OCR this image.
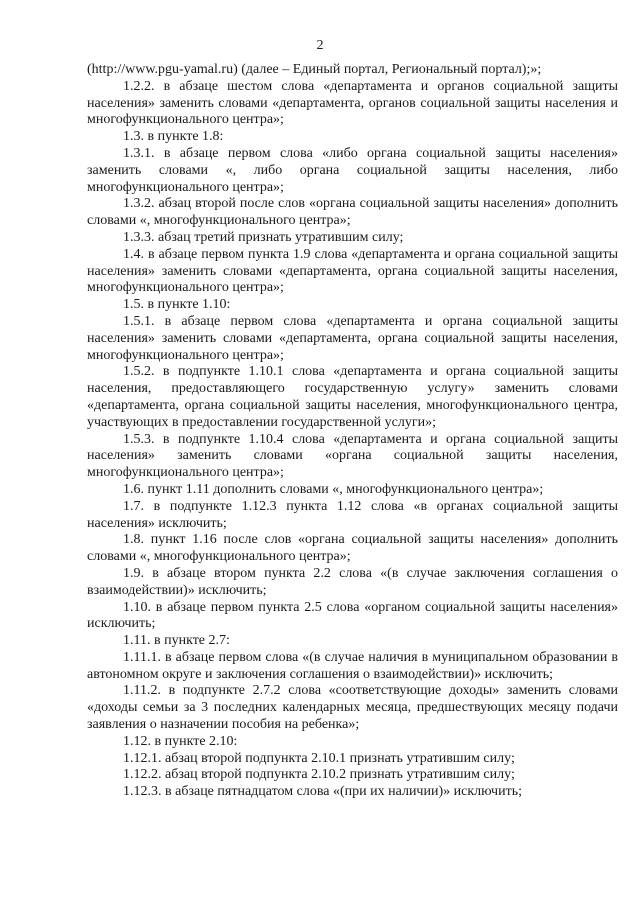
2

(http://www.pgu-yamal.ru) (далее – Единый портал, Региональный портал);»;

1.2.2. в абзаце шестом слова «департамента и органов социальной защиты населения» заменить словами «департамента, органов социальной защиты населения и многофункционального центра»;

1.3. в пункте 1.8:

1.3.1. в абзаце первом слова «либо органа социальной защиты населения» заменить словами «, либо органа социальной защиты населения, либо многофункционального центра»;

1.3.2. абзац второй после слов «органа социальной защиты населения» дополнить словами «, многофункционального центра»;

1.3.3. абзац третий признать утратившим силу;

1.4. в абзаце первом пункта 1.9 слова «департамента и органа социальной защиты населения» заменить словами «департамента, органа социальной защиты населения, многофункционального центра»;

1.5. в пункте 1.10:

1.5.1. в абзаце первом слова «департамента и органа социальной защиты населения» заменить словами «департамента, органа социальной защиты населения, многофункционального центра»;

1.5.2. в подпункте 1.10.1 слова «департамента и органа социальной защиты населения, предоставляющего государственную услугу» заменить словами «департамента, органа социальной защиты населения, многофункционального центра, участвующих в предоставлении государственной услуги»;

1.5.3. в подпункте 1.10.4 слова «департамента и органа социальной защиты населения» заменить словами «органа социальной защиты населения, многофункционального центра»;

1.6. пункт 1.11 дополнить словами «, многофункционального центра»;

1.7. в подпункте 1.12.3 пункта 1.12 слова «в органах социальной защиты населения» исключить;

1.8. пункт 1.16 после слов «органа социальной защиты населения» дополнить словами «, многофункционального центра»;

1.9. в абзаце втором пункта 2.2 слова «(в случае заключения соглашения о взаимодействии)» исключить;

1.10. в абзаце первом пункта 2.5 слова «органом социальной защиты населения» исключить;

1.11. в пункте 2.7:

1.11.1. в абзаце первом слова «(в случае наличия в муниципальном образовании в автономном округе и заключения соглашения о взаимодействии)» исключить;

1.11.2. в подпункте 2.7.2 слова «соответствующие доходы» заменить словами «доходы семьи за 3 последних календарных месяца, предшествующих месяцу подачи заявления о назначении пособия на ребенка»;

1.12. в пункте 2.10:

1.12.1. абзац второй подпункта 2.10.1 признать утратившим силу;

1.12.2. абзац второй подпункта 2.10.2 признать утратившим силу;

1.12.3. в абзаце пятнадцатом слова «(при их наличии)» исключить;
